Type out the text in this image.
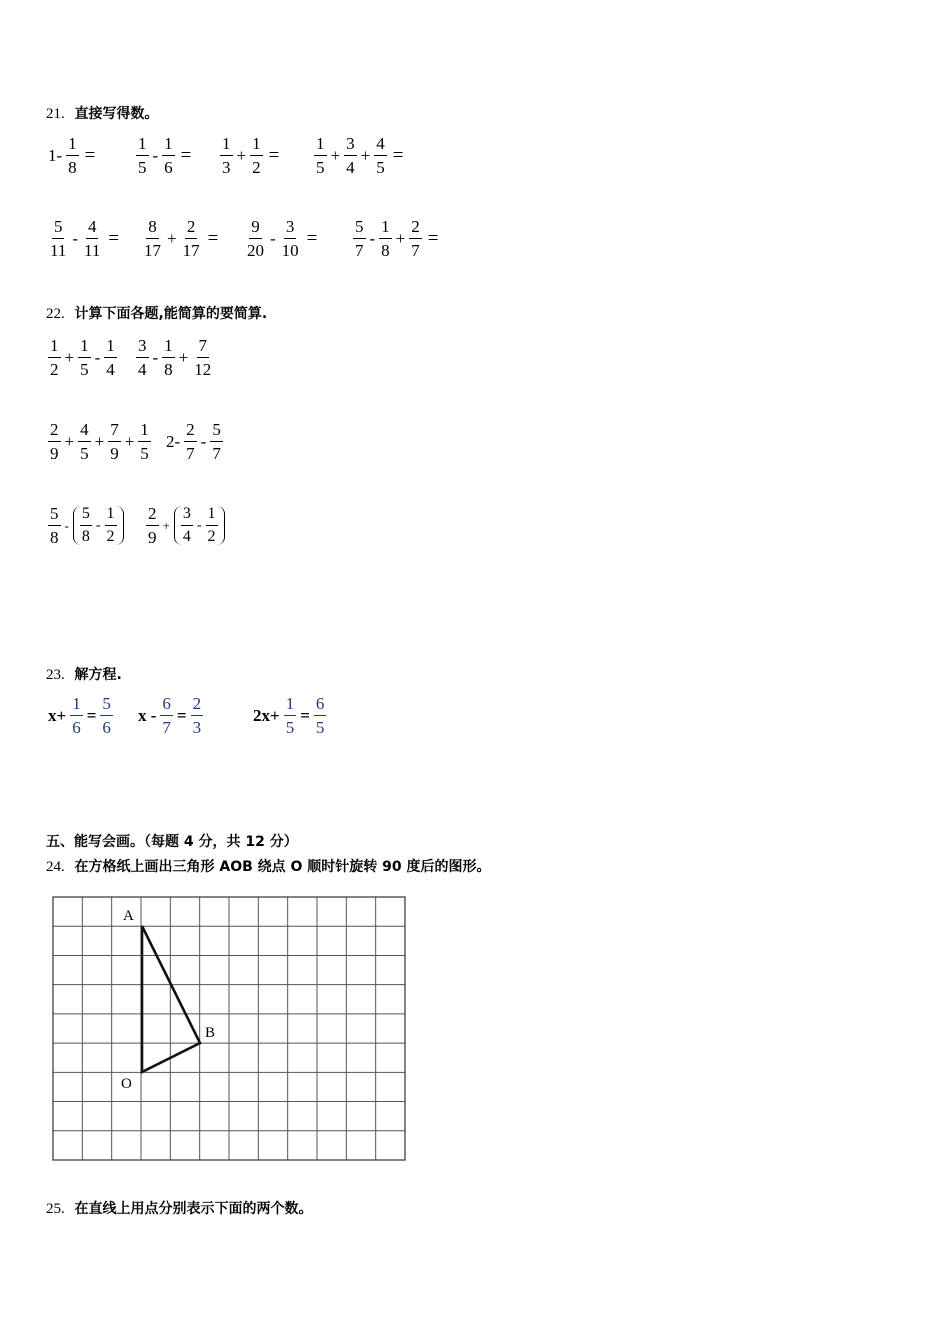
21. 直接写得数。
$1- \frac{1}{8} = \frac{1}{5} - \frac{1}{6} = \frac{1}{3} + \frac{1}{2} = \frac{1}{5} + \frac{3}{4} + \frac{4}{5}$ =
$\frac{5}{11} - \frac{4}{11} = \frac{8}{17} + \frac{2}{17} = \frac{9}{20} - \frac{3}{10} = \frac{5}{7} - \frac{1}{8} + \frac{2}{7}$ =
22. 计算下面各题,能简算的要简算.
$\frac{1}{2} + \frac{1}{5} - \frac{1}{4} \frac{3}{4} - \frac{1}{8} + \frac{7}{12}$
$\frac{2}{9} + \frac{4}{5} + \frac{7}{9} + \frac{1}{5} 2- \frac{2}{7} - \frac{5}{7}$
$\frac{5}{8} - \frac{5}{8} - \frac{1}{2} \frac{2}{9} + \frac{3}{4} - \frac{1}{2}$
23. 解方程.
$x+ \frac{1}{6} = \frac{5}{6}$ $x - \frac{6}{7} = \frac{2}{3}$	$2x+ \frac{1}{5} = \frac{6}{5}$
五、能写会画。（每题 4 分，共 12 分）
24. 在方格纸上画出三角形 AOB 绕点 O 顺时针旋转 90 度后的图形。
A
B
O
25. 在直线上用点分别表示下面的两个数。
